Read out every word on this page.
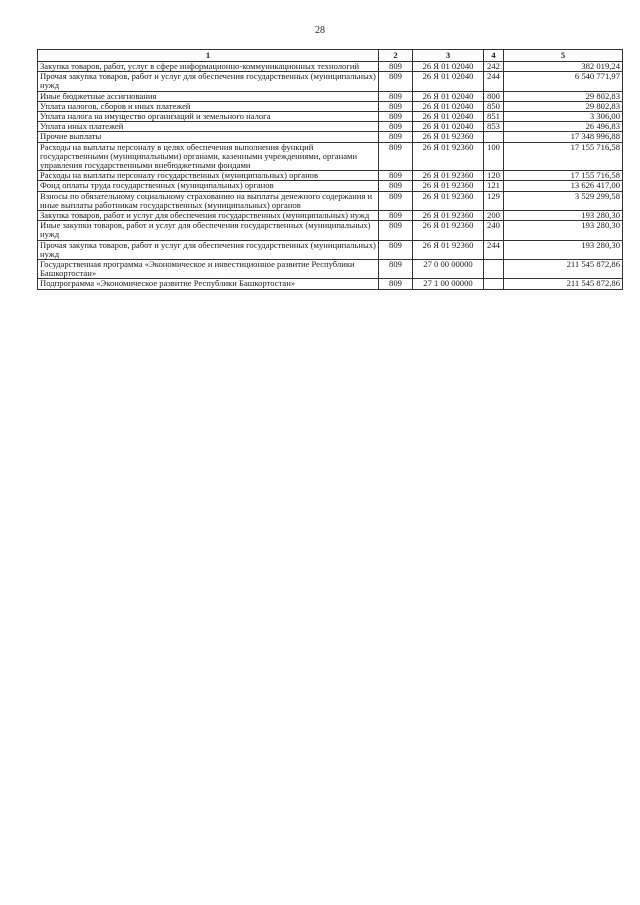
28
1	2	3	4	5
Закупка товаров, работ, услуг в сфере информационно-коммуникационных технологий	809	26 Я 01 02040	242	382 019,24
Прочая закупка товаров, работ и услуг для обеспечения государственных (муниципальных) нужд	809	26 Я 01 02040	244	6 540 771,97
Иные бюджетные ассигнования	809	26 Я 01 02040	800	29 802,83
Уплата налогов, сборов и иных платежей	809	26 Я 01 02040	850	29 802,83
Уплата налога на имущество организаций и земельного налога	809	26 Я 01 02040	851	3 306,00
Уплата иных платежей	809	26 Я 01 02040	853	26 496,83
Прочие выплаты	809	26 Я 01 92360		17 348 996,88
Расходы на выплаты персоналу в целях обеспечения выполнения функций государственными (муниципальными) органами, казенными учреждениями, органами управления государственными внебюджетными фондами	809	26 Я 01 92360	100	17 155 716,58
Расходы на выплаты персоналу государственных (муниципальных) органов	809	26 Я 01 92360	120	17 155 716,58
Фонд оплаты труда государственных (муниципальных) органов	809	26 Я 01 92360	121	13 626 417,00
Взносы по обязательному социальному страхованию на выплаты денежного содержания и иные выплаты работникам государственных (муниципальных) органов	809	26 Я 01 92360	129	3 529 299,58
Закупка товаров, работ и услуг для обеспечения государственных (муниципальных) нужд	809	26 Я 01 92360	200	193 280,30
Иные закупки товаров, работ и услуг для обеспечения государственных (муниципальных) нужд	809	26 Я 01 92360	240	193 280,30
Прочая закупка товаров, работ и услуг для обеспечения государственных (муниципальных) нужд	809	26 Я 01 92360	244	193 280,30
Государственная программа «Экономическое и инвестиционное развитие Республики Башкортостан»	809	27 0 00 00000		211 545 872,86
Подпрограмма «Экономическое развитие Республики Башкортостан»	809	27 1 00 00000		211 545 872,86
